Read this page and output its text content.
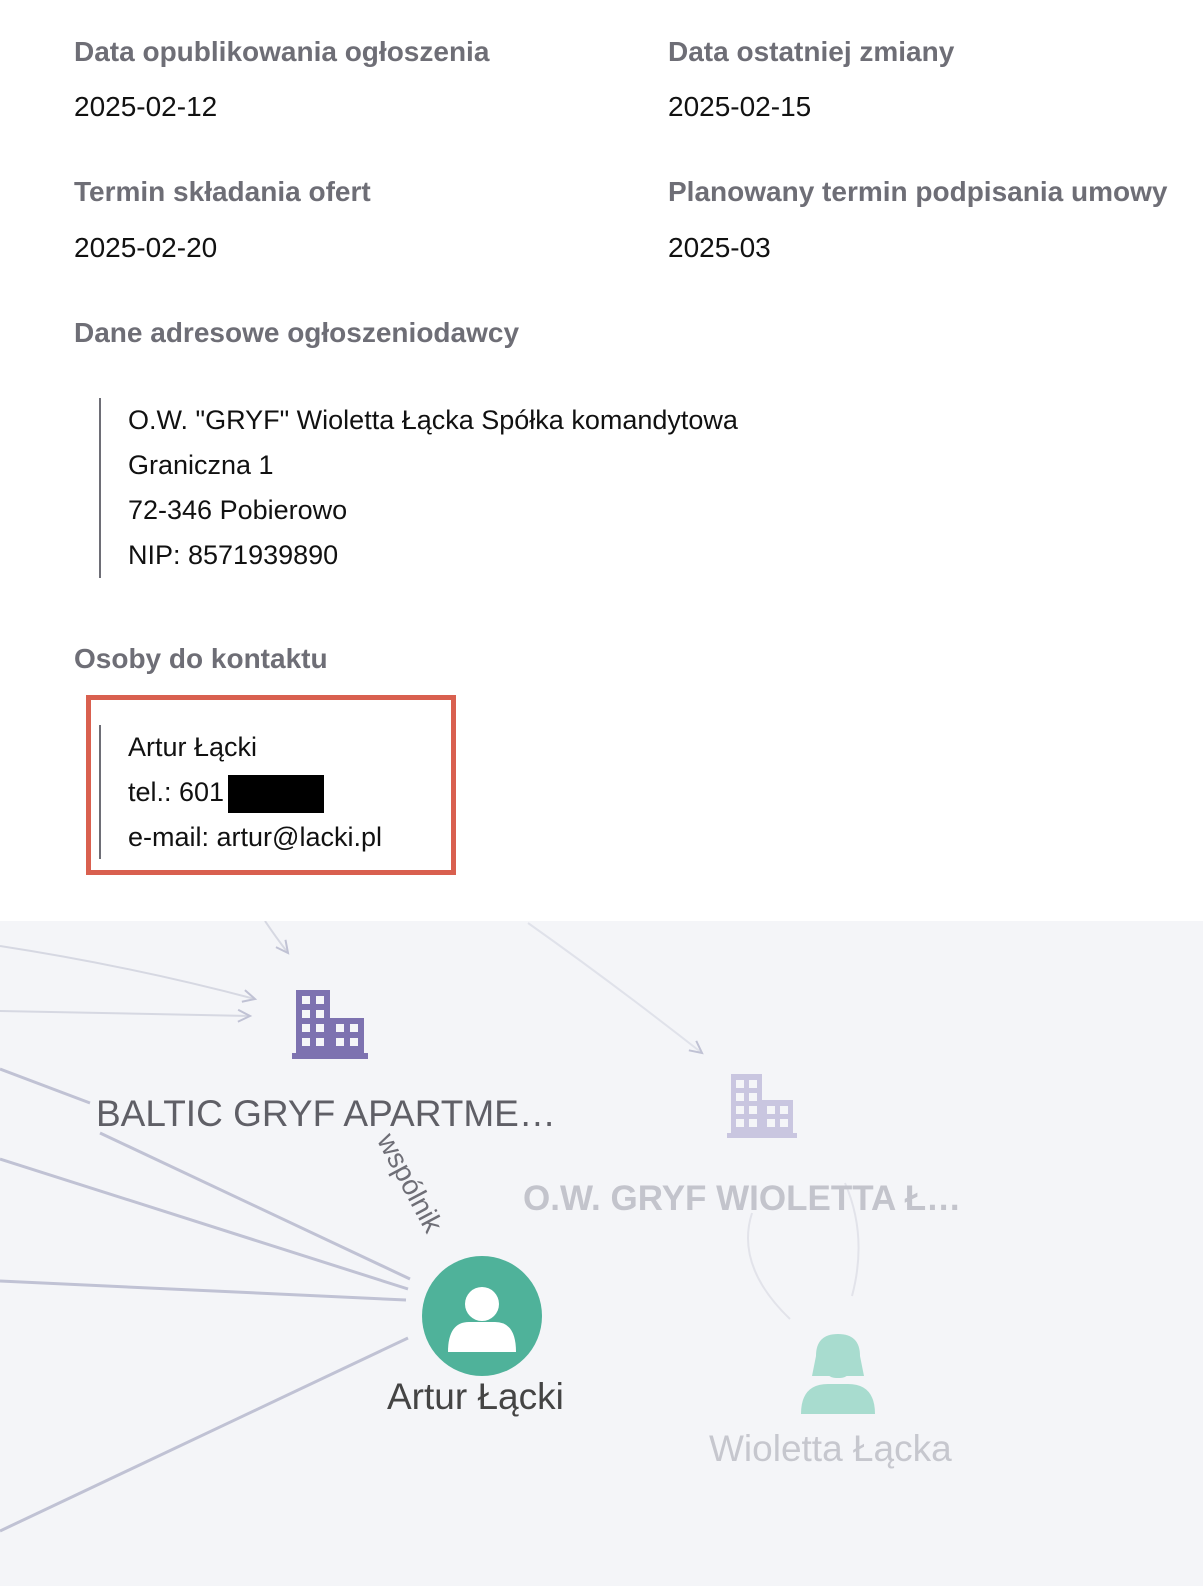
Data opublikowania ogłoszenia
2025-02-12
Data ostatniej zmiany
2025-02-15
Termin składania ofert
2025-02-20
Planowany termin podpisania umowy
2025-03
Dane adresowe ogłoszeniodawcy
O.W. "GRYF" Wioletta Łącka Spółka komandytowa
Graniczna 1
72-346 Pobierowo
NIP: 8571939890
Osoby do kontaktu
Artur Łącki
tel.: 601
e-mail: artur@lacki.pl
BALTIC GRYF APARTME…
O.W. GRYF WIOLETTA Ł…
Artur Łącki
Wioletta Łącka
wspólnik
